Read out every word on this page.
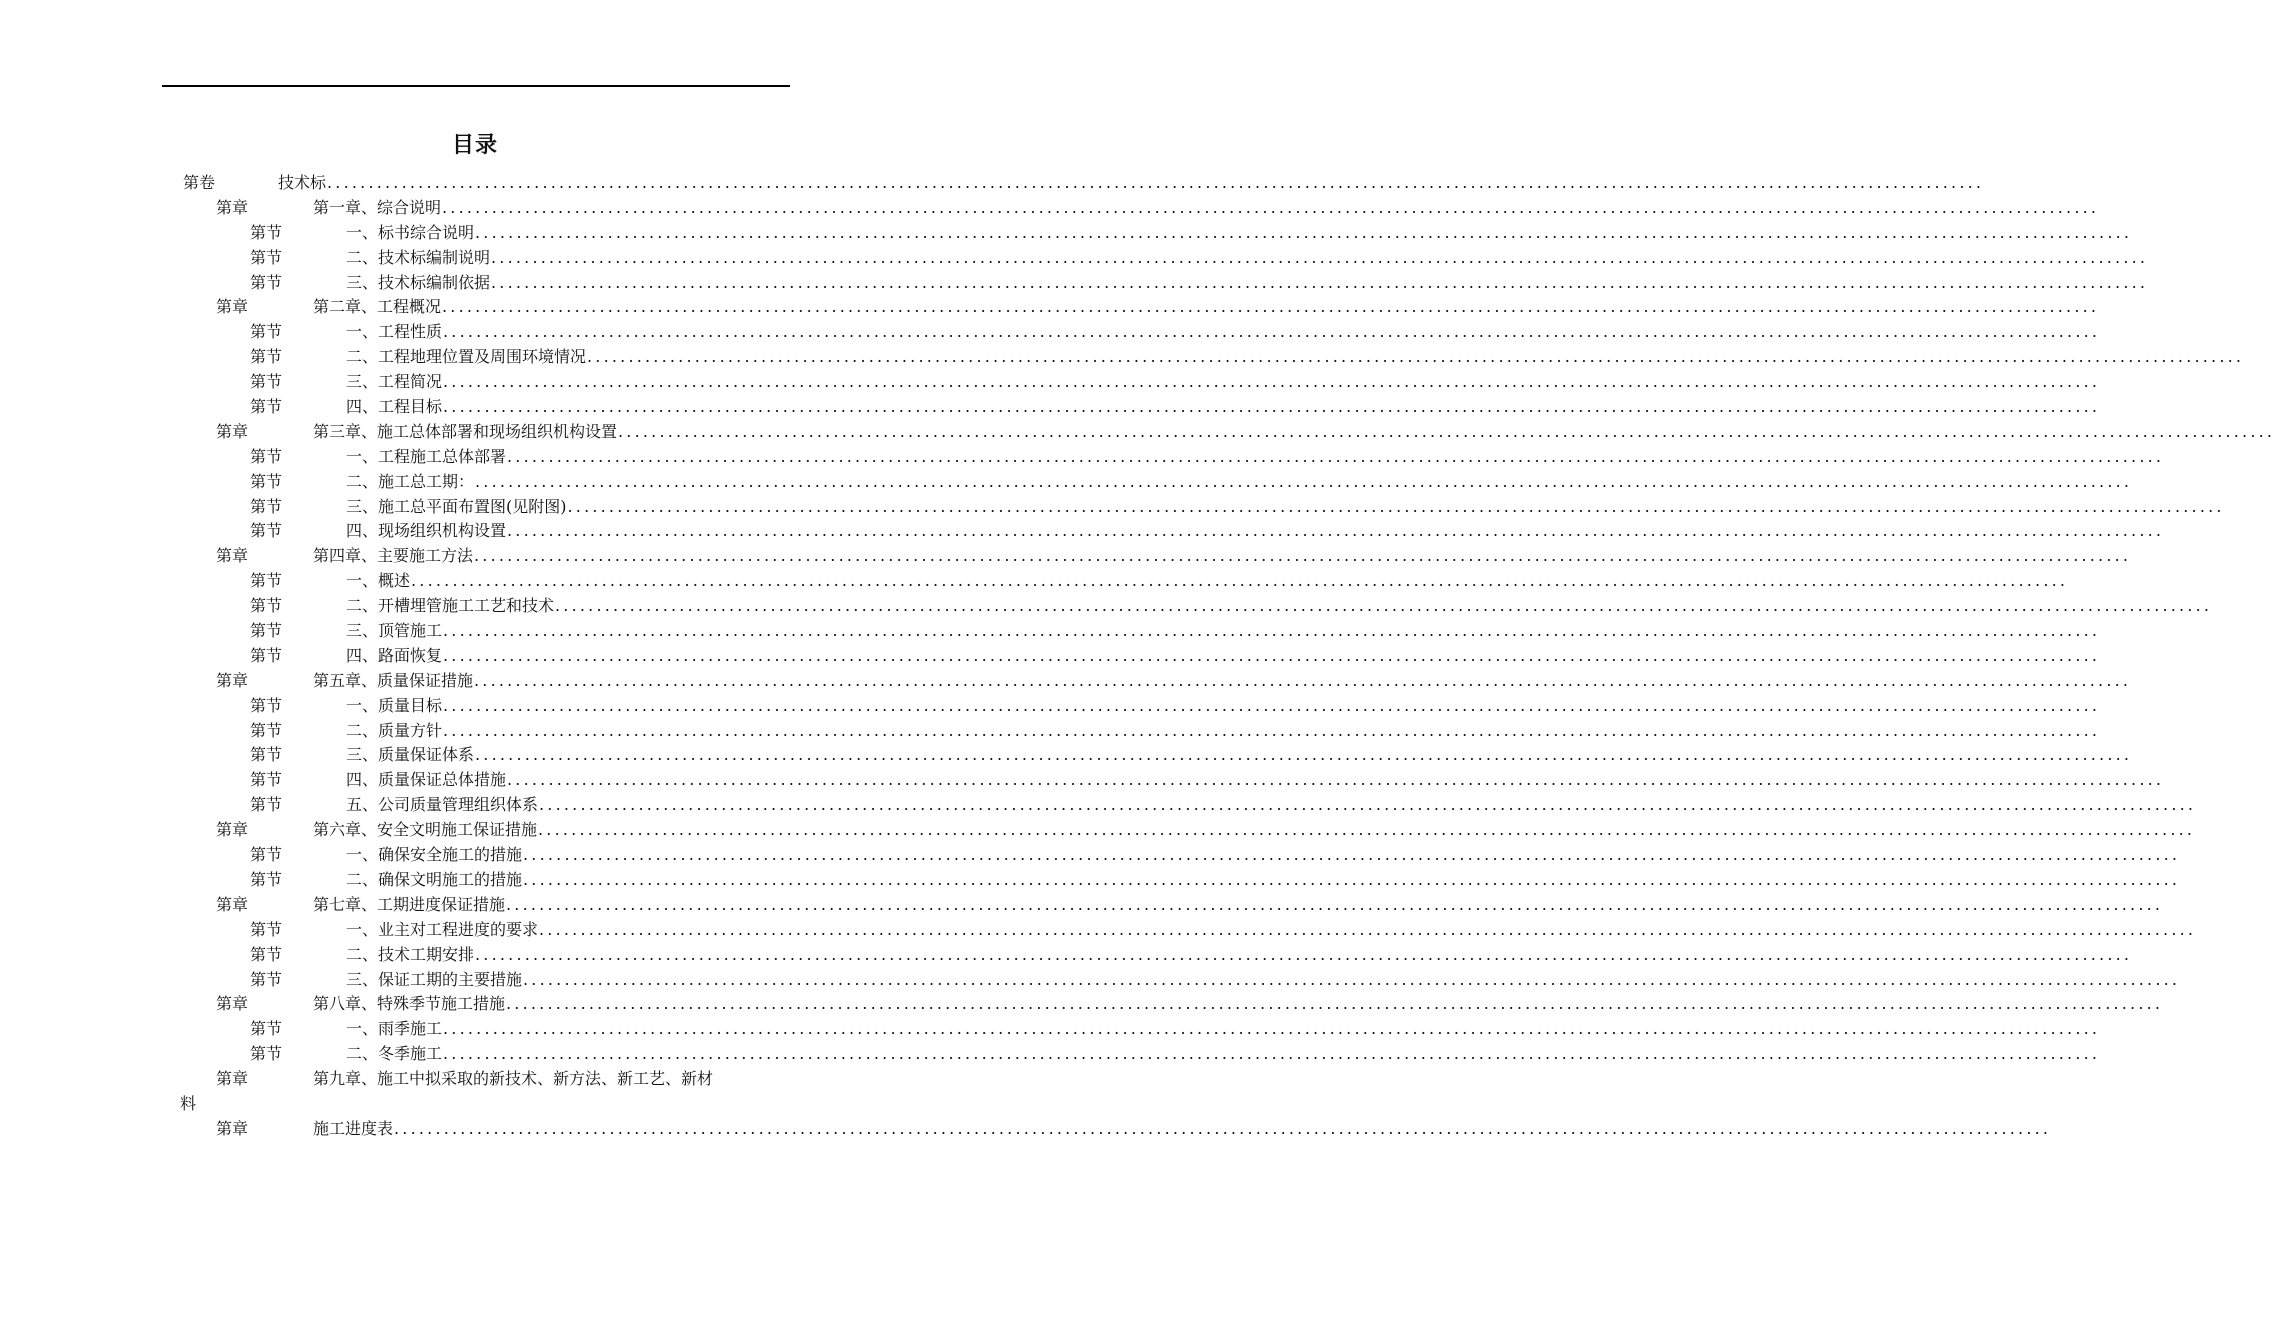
目录
第卷	技术标 ........................................................................................................................................................................................................
第章	第一章、综合说明 ........................................................................................................................................................................................................
第节	一、标书综合说明 ........................................................................................................................................................................................................
第节	二、技术标编制说明 ........................................................................................................................................................................................................
第节	三、技术标编制依据 ........................................................................................................................................................................................................
第章	第二章、工程概况 ........................................................................................................................................................................................................
第节	一、工程性质 ........................................................................................................................................................................................................
第节	二、工程地理位置及周围环境情况 ........................................................................................................................................................................................................
第节	三、工程简况 ........................................................................................................................................................................................................
第节	四、工程目标 ........................................................................................................................................................................................................
第章	第三章、施工总体部署和现场组织机构设置 ........................................................................................................................................................................................................
第节	一、工程施工总体部署 ........................................................................................................................................................................................................
第节	二、施工总工期： ........................................................................................................................................................................................................
第节	三、施工总平面布置图(见附图) ........................................................................................................................................................................................................
第节	四、现场组织机构设置 ........................................................................................................................................................................................................
第章	第四章、主要施工方法 ........................................................................................................................................................................................................
第节	一、概述 ........................................................................................................................................................................................................
第节	二、开槽埋管施工工艺和技术 ........................................................................................................................................................................................................
第节	三、顶管施工 ........................................................................................................................................................................................................
第节	四、路面恢复 ........................................................................................................................................................................................................
第章	第五章、质量保证措施 ........................................................................................................................................................................................................
第节	一、质量目标 ........................................................................................................................................................................................................
第节	二、质量方针 ........................................................................................................................................................................................................
第节	三、质量保证体系 ........................................................................................................................................................................................................
第节	四、质量保证总体措施 ........................................................................................................................................................................................................
第节	五、公司质量管理组织体系 ........................................................................................................................................................................................................
第章	第六章、安全文明施工保证措施 ........................................................................................................................................................................................................
第节	一、确保安全施工的措施 ........................................................................................................................................................................................................
第节	二、确保文明施工的措施 ........................................................................................................................................................................................................
第章	第七章、工期进度保证措施 ........................................................................................................................................................................................................
第节	一、业主对工程进度的要求 ........................................................................................................................................................................................................
第节	二、技术工期安排 ........................................................................................................................................................................................................
第节	三、保证工期的主要措施 ........................................................................................................................................................................................................
第章	第八章、特殊季节施工措施 ........................................................................................................................................................................................................
第节	一、雨季施工 ........................................................................................................................................................................................................
第节	二、冬季施工 ........................................................................................................................................................................................................
第章	第九章、施工中拟采取的新技术、新方法、新工艺、新材
料
第章	施工进度表 ........................................................................................................................................................................................................
